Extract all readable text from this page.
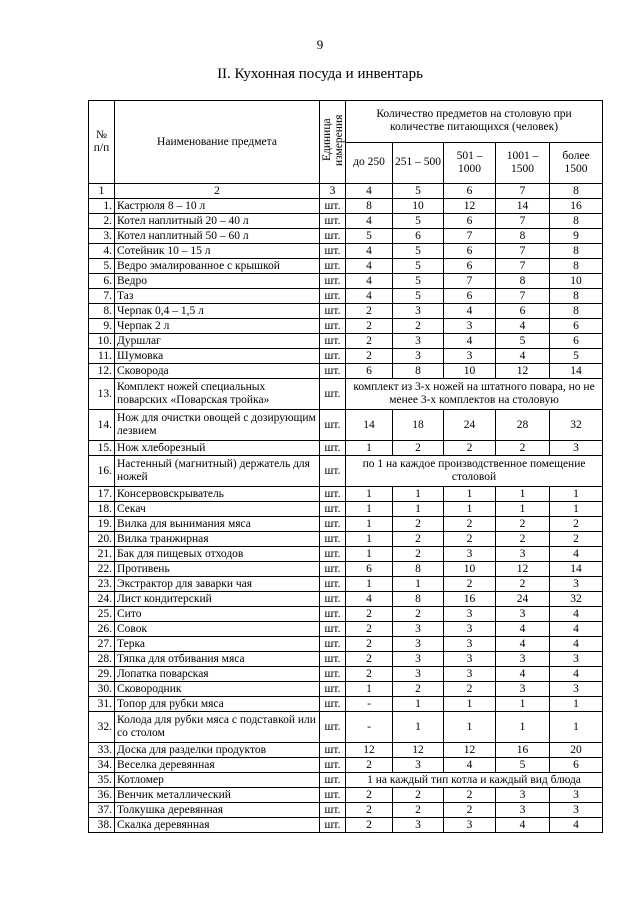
9
II. Кухонная посуда и инвентарь
№ п/п	Наименование предмета	Единица измерения	Количество предметов на столовую при количестве питающихся (человек)				
			до 250	251 – 500	501 – 1000	1001 – 1500	более 1500
1	2	3	4	5	6	7	8
1.	Кастрюля 8 – 10 л	шт.	8	10	12	14	16
2.	Котел наплитный 20 – 40 л	шт.	4	5	6	7	8
3.	Котел наплитный 50 – 60 л	шт.	5	6	7	8	9
4.	Сотейник 10 – 15 л	шт.	4	5	6	7	8
5.	Ведро эмалированное с крышкой	шт.	4	5	6	7	8
6.	Ведро	шт.	4	5	7	8	10
7.	Таз	шт.	4	5	6	7	8
8.	Черпак 0,4 – 1,5 л	шт.	2	3	4	6	8
9.	Черпак 2 л	шт.	2	2	3	4	6
10.	Дуршлаг	шт.	2	3	4	5	6
11.	Шумовка	шт.	2	3	3	4	5
12.	Сковорода	шт.	6	8	10	12	14
13.	Комплект ножей специальных поварских «Поварская тройка»	шт.	комплект из 3-х ножей на штатного повара, но не менее 3-х комплектов на столовую				
14.	Нож для очистки овощей с дозирующим лезвием	шт.	14	18	24	28	32
15.	Нож хлеборезный	шт.	1	2	2	2	3
16.	Настенный (магнитный) держатель для ножей	шт.	по 1 на каждое производственное помещение столовой				
17.	Консервовскрыватель	шт.	1	1	1	1	1
18.	Секач	шт.	1	1	1	1	1
19.	Вилка для вынимания мяса	шт.	1	2	2	2	2
20.	Вилка транжирная	шт.	1	2	2	2	2
21.	Бак для пищевых отходов	шт.	1	2	3	3	4
22.	Противень	шт.	6	8	10	12	14
23.	Экстрактор для заварки чая	шт.	1	1	2	2	3
24.	Лист кондитерский	шт.	4	8	16	24	32
25.	Сито	шт.	2	2	3	3	4
26.	Совок	шт.	2	3	3	4	4
27.	Терка	шт.	2	3	3	4	4
28.	Тяпка для отбивания мяса	шт.	2	3	3	3	3
29.	Лопатка поварская	шт.	2	3	3	4	4
30.	Сковородник	шт.	1	2	2	3	3
31.	Топор для рубки мяса	шт.	-	1	1	1	1
32.	Колода для рубки мяса с подставкой или со столом	шт.	-	1	1	1	1
33.	Доска для разделки продуктов	шт.	12	12	12	16	20
34.	Веселка деревянная	шт.	2	3	4	5	6
35.	Котломер	шт.	1 на каждый тип котла и каждый вид блюда				
36.	Венчик металлический	шт.	2	2	2	3	3
37.	Толкушка деревянная	шт.	2	2	2	3	3
38.	Скалка деревянная	шт.	2	3	3	4	4
